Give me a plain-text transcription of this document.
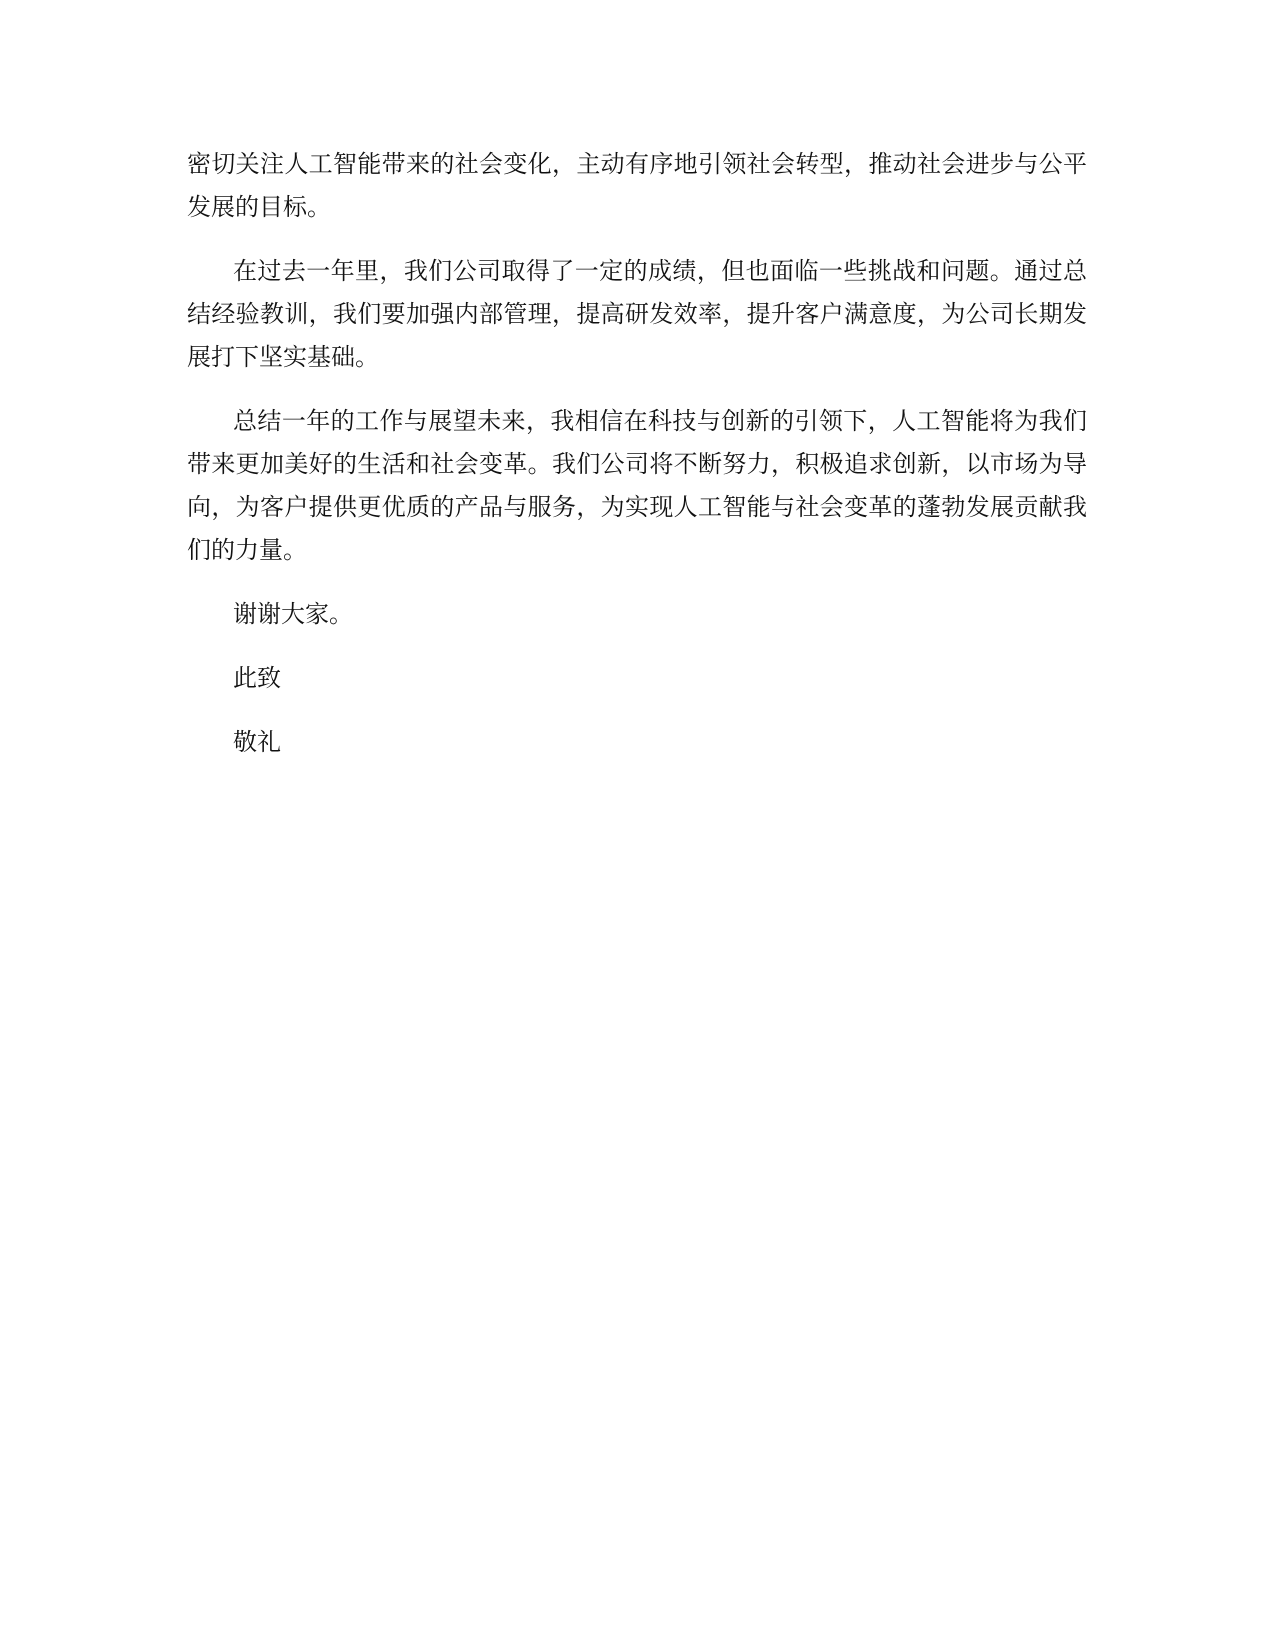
密切关注人工智能带来的社会变化，主动有序地引领社会转型，推动社会进步与公平发展的目标。

在过去一年里，我们公司取得了一定的成绩，但也面临一些挑战和问题。通过总结经验教训，我们要加强内部管理，提高研发效率，提升客户满意度，为公司长期发展打下坚实基础。

总结一年的工作与展望未来，我相信在科技与创新的引领下，人工智能将为我们带来更加美好的生活和社会变革。我们公司将不断努力，积极追求创新，以市场为导向，为客户提供更优质的产品与服务，为实现人工智能与社会变革的蓬勃发展贡献我们的力量。

谢谢大家。

此致

敬礼
